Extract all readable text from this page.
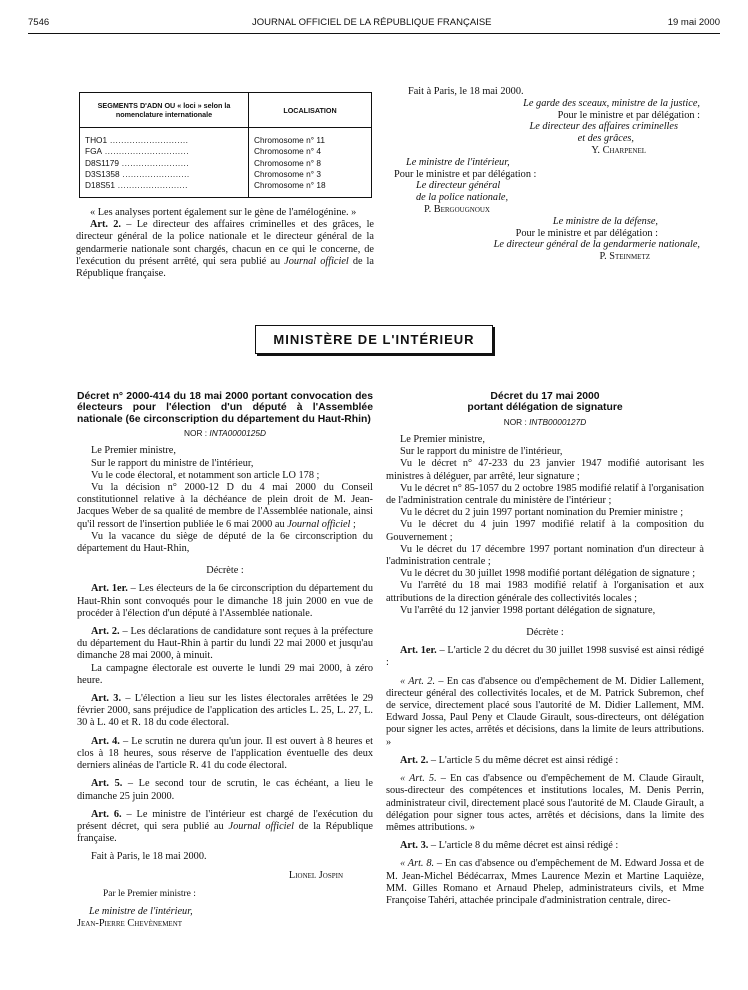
7546	JOURNAL OFFICIEL DE LA RÉPUBLIQUE FRANÇAISE	19 mai 2000
SEGMENTS D'ADN OU « loci » selon la nomenclature internationale	LOCALISATION
THO1 ............................	Chromosome n° 11
FGA ..............................	Chromosome n° 4
D8S1179 ........................	Chromosome n° 8
D3S1358 ........................	Chromosome n° 3
D18S51 .........................	Chromosome n° 18

« Les analyses portent également sur le gène de l'amélogénine. »

Art. 2. – Le directeur des affaires criminelles et des grâces, le directeur général de la police nationale et le directeur général de la gendarmerie nationale sont chargés, chacun en ce qui le concerne, de l'exécution du présent arrêté, qui sera publié au Journal officiel de la République française.

Fait à Paris, le 18 mai 2000.

Le garde des sceaux, ministre de la justice,

Pour le ministre et par délégation :

Le directeur des affaires criminelles

et des grâces,

Y. Charpenel

Le ministre de l'intérieur,

Pour le ministre et par délégation :

Le directeur général

de la police nationale,

P. Bergougnoux

Le ministre de la défense,

Pour le ministre et par délégation :

Le directeur général de la gendarmerie nationale,

P. Steinmetz

MINISTÈRE DE L'INTÉRIEUR

Décret n° 2000-414 du 18 mai 2000 portant convocation des électeurs pour l'élection d'un député à l'Assemblée nationale (6e circonscription du département du Haut-Rhin)

NOR : INTA0000125D

Le Premier ministre,

Sur le rapport du ministre de l'intérieur,

Vu le code électoral, et notamment son article LO 178 ;

Vu la décision n° 2000-12 D du 4 mai 2000 du Conseil constitutionnel relative à la déchéance de plein droit de M. Jean-Jacques Weber de sa qualité de membre de l'Assemblée nationale, ainsi qu'il ressort de l'insertion publiée le 6 mai 2000 au Journal officiel ;

Vu la vacance du siège de député de la 6e circonscription du département du Haut-Rhin,

Décrète :

Art. 1er. – Les électeurs de la 6e circonscription du département du Haut-Rhin sont convoqués pour le dimanche 18 juin 2000 en vue de procéder à l'élection d'un député à l'Assemblée nationale.

Art. 2. – Les déclarations de candidature sont reçues à la préfecture du département du Haut-Rhin à partir du lundi 22 mai 2000 et jusqu'au dimanche 28 mai 2000, à minuit.

La campagne électorale est ouverte le lundi 29 mai 2000, à zéro heure.

Art. 3. – L'élection a lieu sur les listes électorales arrêtées le 29 février 2000, sans préjudice de l'application des articles L. 25, L. 27, L. 30 à L. 40 et R. 18 du code électoral.

Art. 4. – Le scrutin ne durera qu'un jour. Il est ouvert à 8 heures et clos à 18 heures, sous réserve de l'application éventuelle des deux derniers alinéas de l'article R. 41 du code électoral.

Art. 5. – Le second tour de scrutin, le cas échéant, a lieu le dimanche 25 juin 2000.

Art. 6. – Le ministre de l'intérieur est chargé de l'exécution du présent décret, qui sera publié au Journal officiel de la République française.

Fait à Paris, le 18 mai 2000.

Lionel Jospin

Par le Premier ministre :

Le ministre de l'intérieur,

Jean-Pierre Chevènement

Décret du 17 mai 2000

portant délégation de signature

NOR : INTB0000127D

Le Premier ministre,

Sur le rapport du ministre de l'intérieur,

Vu le décret n° 47-233 du 23 janvier 1947 modifié autorisant les ministres à déléguer, par arrêté, leur signature ;

Vu le décret n° 85-1057 du 2 octobre 1985 modifié relatif à l'organisation de l'administration centrale du ministère de l'intérieur ;

Vu le décret du 2 juin 1997 portant nomination du Premier ministre ;

Vu le décret du 4 juin 1997 modifié relatif à la composition du Gouvernement ;

Vu le décret du 17 décembre 1997 portant nomination d'un directeur à l'administration centrale ;

Vu le décret du 30 juillet 1998 modifié portant délégation de signature ;

Vu l'arrêté du 18 mai 1983 modifié relatif à l'organisation et aux attributions de la direction générale des collectivités locales ;

Vu l'arrêté du 12 janvier 1998 portant délégation de signature,

Décrète :

Art. 1er. – L'article 2 du décret du 30 juillet 1998 susvisé est ainsi rédigé :

« Art. 2. – En cas d'absence ou d'empêchement de M. Didier Lallement, directeur général des collectivités locales, et de M. Patrick Subremon, chef de service, directement placé sous l'autorité de M. Didier Lallement, MM. Edward Jossa, Paul Peny et Claude Girault, sous-directeurs, ont délégation pour signer les actes, arrêtés et décisions, dans la limite de leurs attributions. »

Art. 2. – L'article 5 du même décret est ainsi rédigé :

« Art. 5. – En cas d'absence ou d'empêchement de M. Claude Girault, sous-directeur des compétences et institutions locales, M. Denis Perrin, administrateur civil, directement placé sous l'autorité de M. Claude Girault, a délégation pour signer tous actes, arrêtés et décisions, dans la limite des mêmes attributions. »

Art. 3. – L'article 8 du même décret est ainsi rédigé :

« Art. 8. – En cas d'absence ou d'empêchement de M. Edward Jossa et de M. Jean-Michel Bédécarrax, Mmes Laurence Mezin et Martine Laquièze, MM. Gilles Romano et Arnaud Phelep, administrateurs civils, et Mme Françoise Tahéri, attachée principale d'administration centrale, direc-
